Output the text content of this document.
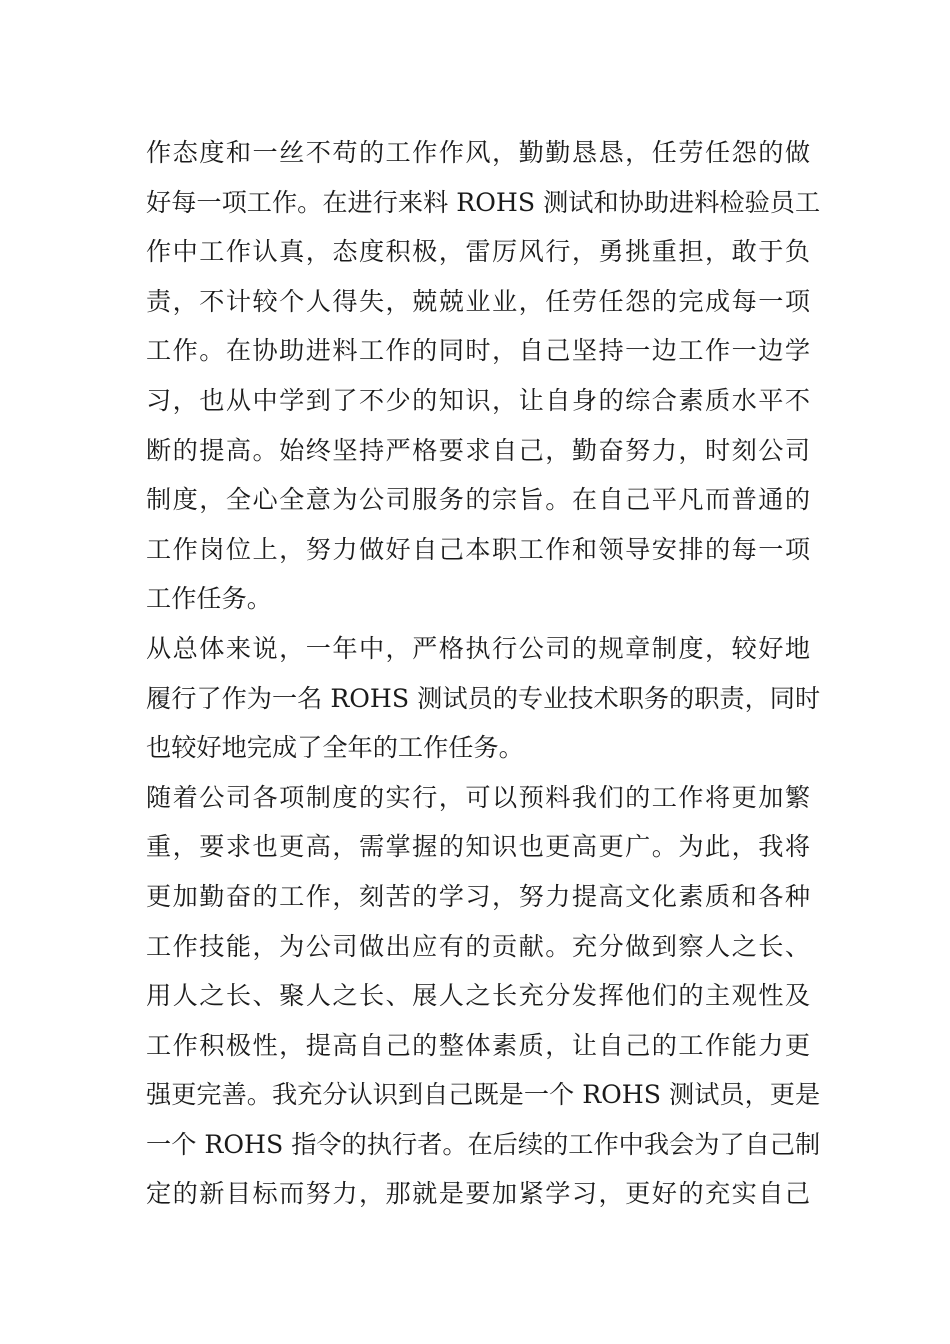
作态度和一丝不苟的工作作风，勤勤恳恳，任劳任怨的做
好每一项工作。在进行来料 ROHS 测试和协助进料检验员工
作中工作认真，态度积极，雷厉风行，勇挑重担，敢于负
责，不计较个人得失，兢兢业业，任劳任怨的完成每一项
工作。在协助进料工作的同时，自己坚持一边工作一边学
习，也从中学到了不少的知识，让自身的综合素质水平不
断的提高。始终坚持严格要求自己，勤奋努力，时刻公司
制度，全心全意为公司服务的宗旨。在自己平凡而普通的
工作岗位上，努力做好自己本职工作和领导安排的每一项
工作任务。
从总体来说，一年中，严格执行公司的规章制度，较好地
履行了作为一名 ROHS 测试员的专业技术职务的职责，同时
也较好地完成了全年的工作任务。
随着公司各项制度的实行，可以预料我们的工作将更加繁
重，要求也更高，需掌握的知识也更高更广。为此，我将
更加勤奋的工作，刻苦的学习，努力提高文化素质和各种
工作技能，为公司做出应有的贡献。充分做到察人之长、
用人之长、聚人之长、展人之长充分发挥他们的主观性及
工作积极性，提高自己的整体素质，让自己的工作能力更
强更完善。我充分认识到自己既是一个 ROHS 测试员，更是
一个 ROHS 指令的执行者。在后续的工作中我会为了自己制
定的新目标而努力，那就是要加紧学习，更好的充实自己
